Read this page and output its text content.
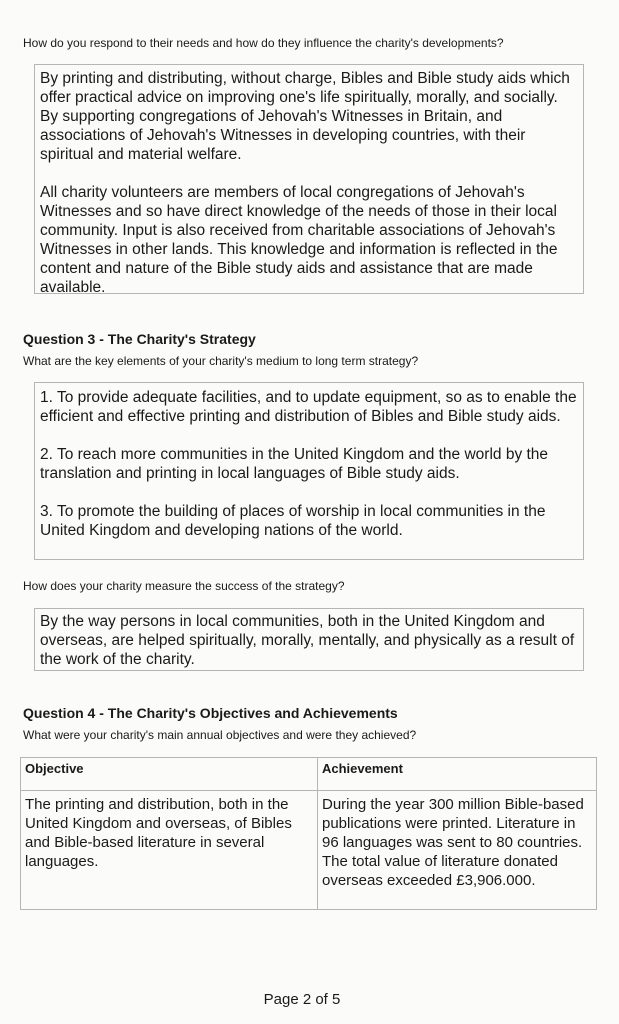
How do you respond to their needs and how do they influence the charity's developments?

By printing and distributing, without charge, Bibles and Bible study aids which offer practical advice on improving one's life spiritually, morally, and socially. By supporting congregations of Jehovah's Witnesses in Britain, and associations of Jehovah's Witnesses in developing countries, with their spiritual and material welfare.

All charity volunteers are members of local congregations of Jehovah's Witnesses and so have direct knowledge of the needs of those in their local community. Input is also received from charitable associations of Jehovah's Witnesses in other lands. This knowledge and information is reflected in the content and nature of the Bible study aids and assistance that are made available.

Question 3 - The Charity's Strategy
What are the key elements of your charity's medium to long term strategy?

1. To provide adequate facilities, and to update equipment, so as to enable the efficient and effective printing and distribution of Bibles and Bible study aids.

2. To reach more communities in the United Kingdom and the world by the translation and printing in local languages of Bible study aids.

3. To promote the building of places of worship in local communities in the United Kingdom and developing nations of the world.

How does your charity measure the success of the strategy?

By the way persons in local communities, both in the United Kingdom and overseas, are helped spiritually, morally, mentally, and physically as a result of the work of the charity.

Question 4 - The Charity's Objectives and Achievements
What were your charity's main annual objectives and were they achieved?
Objective	Achievement
The printing and distribution, both in the United Kingdom and overseas, of Bibles and Bible-based literature in several languages.	During the year 300 million Bible-based publications were printed. Literature in 96 languages was sent to 80 countries. The total value of literature donated overseas exceeded £3,906.000.
Page 2 of 5
